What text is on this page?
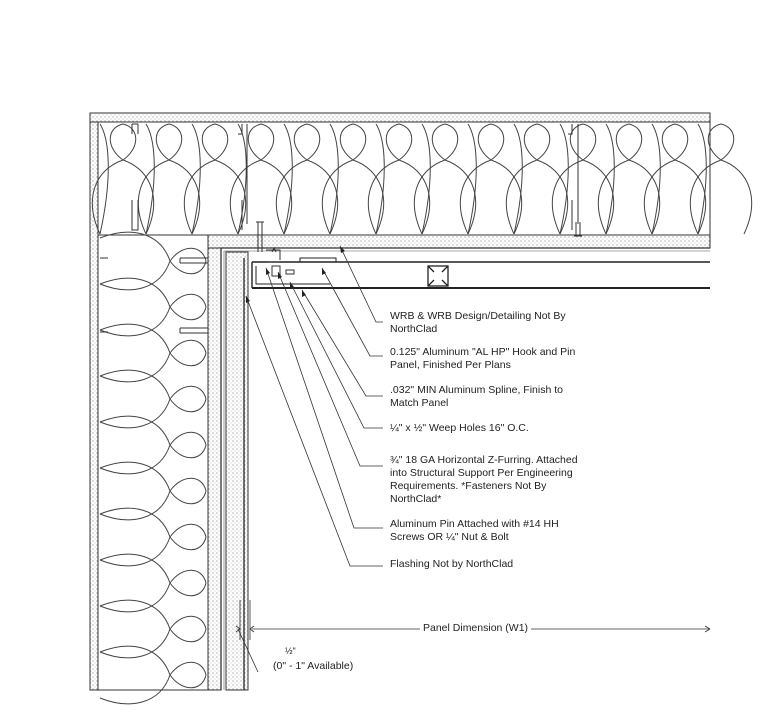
WRB & WRB Design/Detailing Not By
NorthClad
0.125" Aluminum "AL HP" Hook and Pin
Panel, Finished Per Plans
.032" MIN Aluminum Spline, Finish to
Match Panel
¼" x ½" Weep Holes 16" O.C.
¾" 18 GA Horizontal Z-Furring. Attached
into Structural Support Per Engineering
Requirements. *Fasteners Not By
NorthClad*
Aluminum Pin Attached with #14 HH
Screws OR ¼" Nut & Bolt
Flashing Not by NorthClad
Panel Dimension (W1)
½"
(0" - 1" Available)
